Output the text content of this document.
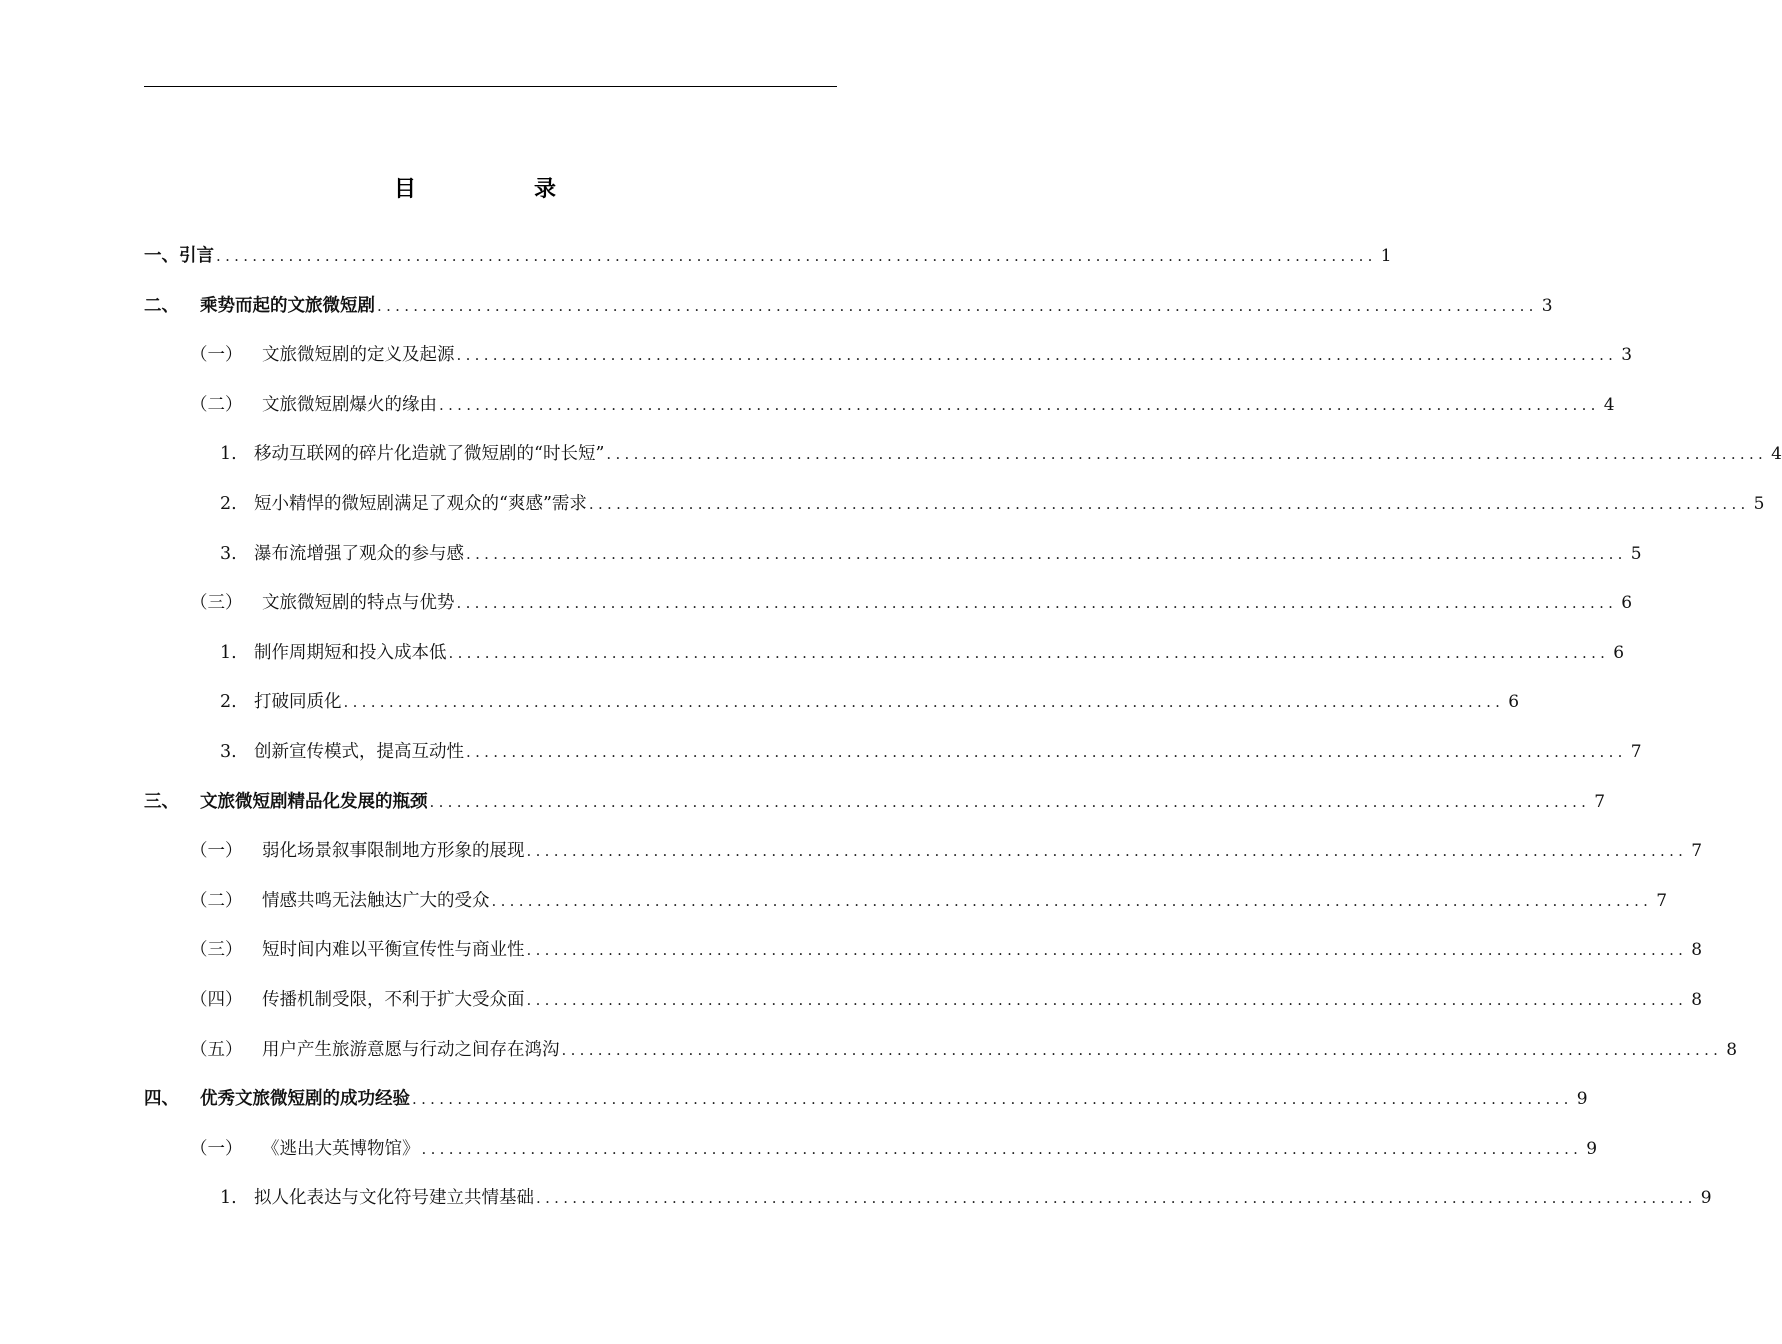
目　录
一、引言 ................................................................................................................................ 1
二、 乘势而起的文旅微短剧 ................................................................................................................................ 3
（一） 文旅微短剧的定义及起源 ................................................................................................................................ 3
（二） 文旅微短剧爆火的缘由 ................................................................................................................................ 4
1. 移动互联网的碎片化造就了微短剧的“时长短” ................................................................................................................................ 4
2. 短小精悍的微短剧满足了观众的“爽感”需求 ................................................................................................................................ 5
3. 瀑布流增强了观众的参与感 ................................................................................................................................ 5
（三） 文旅微短剧的特点与优势 ................................................................................................................................ 6
1. 制作周期短和投入成本低 ................................................................................................................................ 6
2. 打破同质化 ................................................................................................................................ 6
3. 创新宣传模式，提高互动性 ................................................................................................................................ 7
三、 文旅微短剧精品化发展的瓶颈 ................................................................................................................................ 7
（一） 弱化场景叙事限制地方形象的展现 ................................................................................................................................ 7
（二） 情感共鸣无法触达广大的受众 ................................................................................................................................ 7
（三） 短时间内难以平衡宣传性与商业性 ................................................................................................................................ 8
（四） 传播机制受限，不利于扩大受众面 ................................................................................................................................ 8
（五） 用户产生旅游意愿与行动之间存在鸿沟 ................................................................................................................................ 8
四、 优秀文旅微短剧的成功经验 ................................................................................................................................ 9
（一） 《逃出大英博物馆》 ................................................................................................................................ 9
1. 拟人化表达与文化符号建立共情基础 ................................................................................................................................ 9
